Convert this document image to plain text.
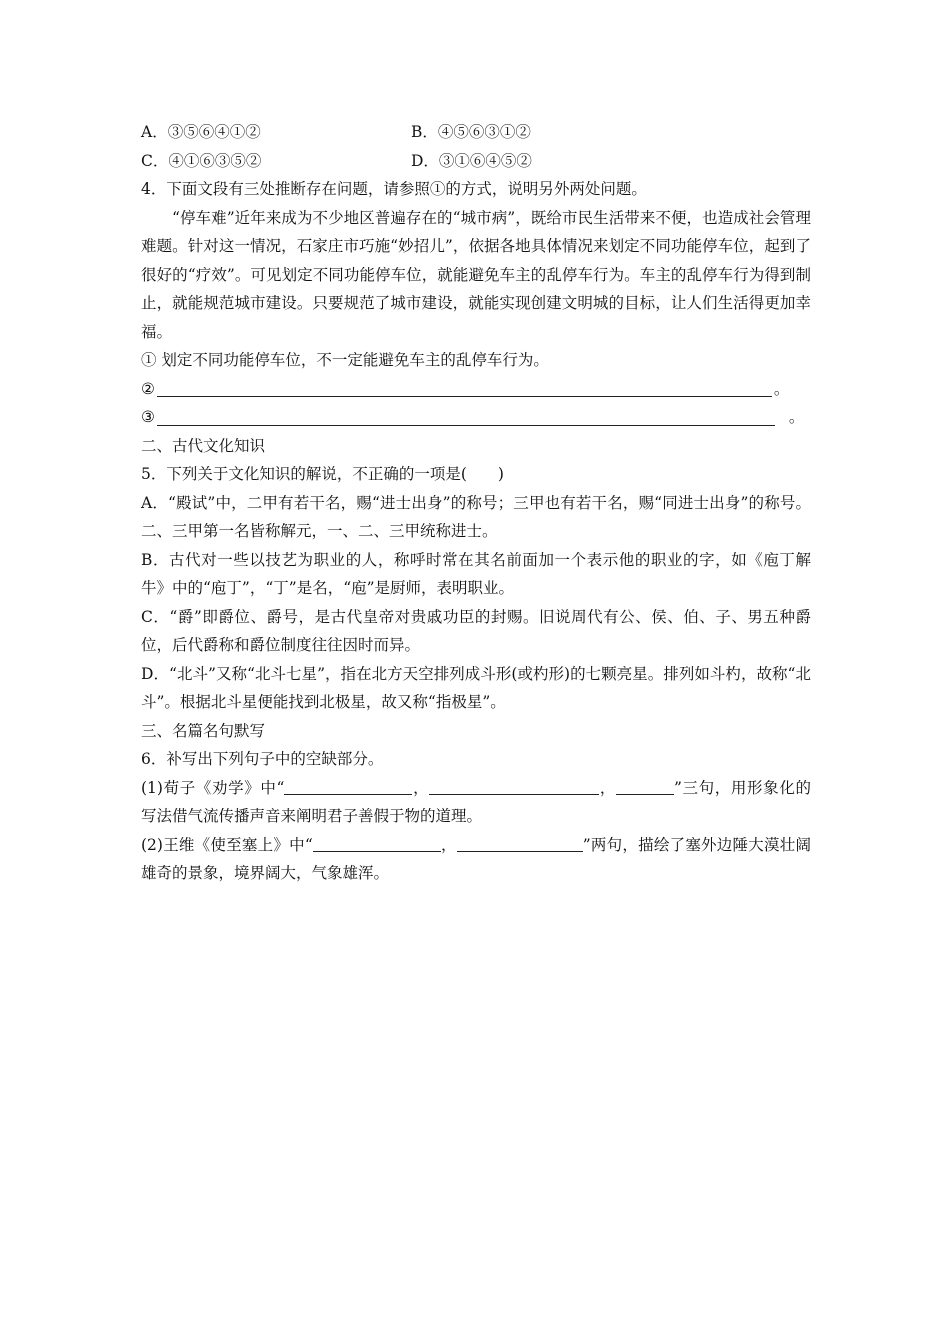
A．③⑤⑥④①②	B．④⑤⑥③①②
C．④①⑥③⑤②	D．③①⑥④⑤②
4．下面文段有三处推断存在问题，请参照①的方式，说明另外两处问题。
“停车难”近年来成为不少地区普遍存在的“城市病”，既给市民生活带来不便，也造成社会管理难题。针对这一情况，石家庄市巧施“妙招儿”，依据各地具体情况来划定不同功能停车位，起到了很好的“疗效”。可见划定不同功能停车位，就能避免车主的乱停车行为。车主的乱停车行为得到制止，就能规范城市建设。只要规范了城市建设，就能实现创建文明城的目标，让人们生活得更加幸福。
① 划定不同功能停车位，不一定能避免车主的乱停车行为。
②	。
③	。
二、古代文化知识
5．下列关于文化知识的解说，不正确的一项是(　　)
A．“殿试”中，二甲有若干名，赐“进士出身”的称号；三甲也有若干名，赐“同进士出身”的称号。二、三甲第一名皆称解元，一、二、三甲统称进士。
B．古代对一些以技艺为职业的人，称呼时常在其名前面加一个表示他的职业的字，如《庖丁解牛》中的“庖丁”，“丁”是名，“庖”是厨师，表明职业。
C．“爵”即爵位、爵号，是古代皇帝对贵戚功臣的封赐。旧说周代有公、侯、伯、子、男五种爵位，后代爵称和爵位制度往往因时而异。
D．“北斗”又称“北斗七星”，指在北方天空排列成斗形(或杓形)的七颗亮星。排列如斗杓，故称“北斗”。根据北斗星便能找到北极星，故又称“指极星”。
三、名篇名句默写
6．补写出下列句子中的空缺部分。
(1)荀子《劝学》中“	，	，	”三句，用形象化的写法借气流传播声音来阐明君子善假于物的道理。
(2)王维《使至塞上》中“	，	”两句，描绘了塞外边陲大漠壮阔雄奇的景象，境界阔大，气象雄浑。
